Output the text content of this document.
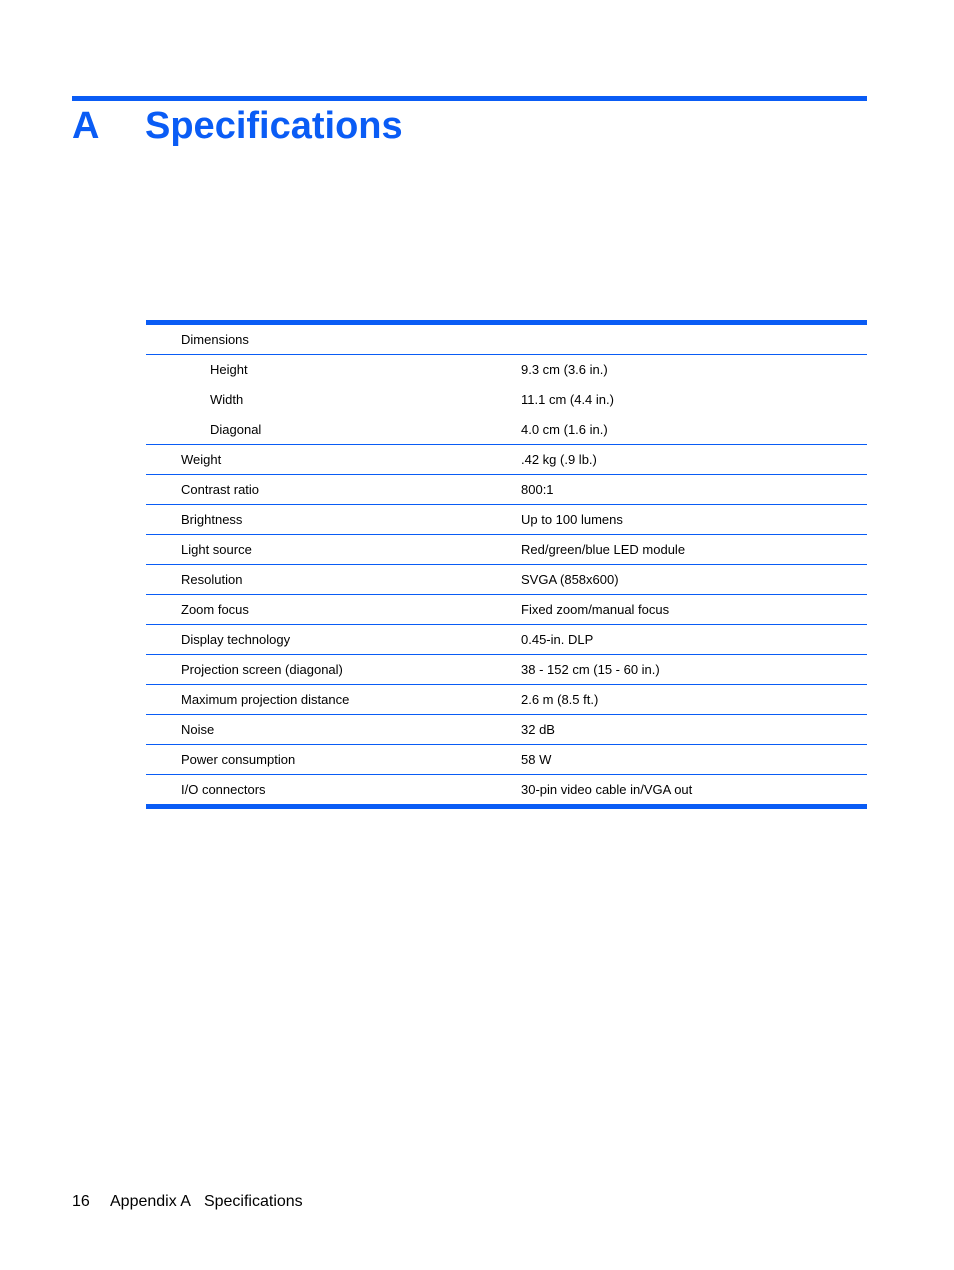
A	Specifications
Dimensions
Height	9.3 cm (3.6 in.)
Width	11.1 cm (4.4 in.)
Diagonal	4.0 cm (1.6 in.)
Weight	.42 kg (.9 lb.)
Contrast ratio	800:1
Brightness	Up to 100 lumens
Light source	Red/green/blue LED module
Resolution	SVGA (858x600)
Zoom focus	Fixed zoom/manual focus
Display technology	0.45-in. DLP
Projection screen (diagonal)	38 - 152 cm (15 - 60 in.)
Maximum projection distance	2.6 m (8.5 ft.)
Noise	32 dB
Power consumption	58 W
I/O connectors	30-pin video cable in/VGA out
16 Appendix A Specifications
